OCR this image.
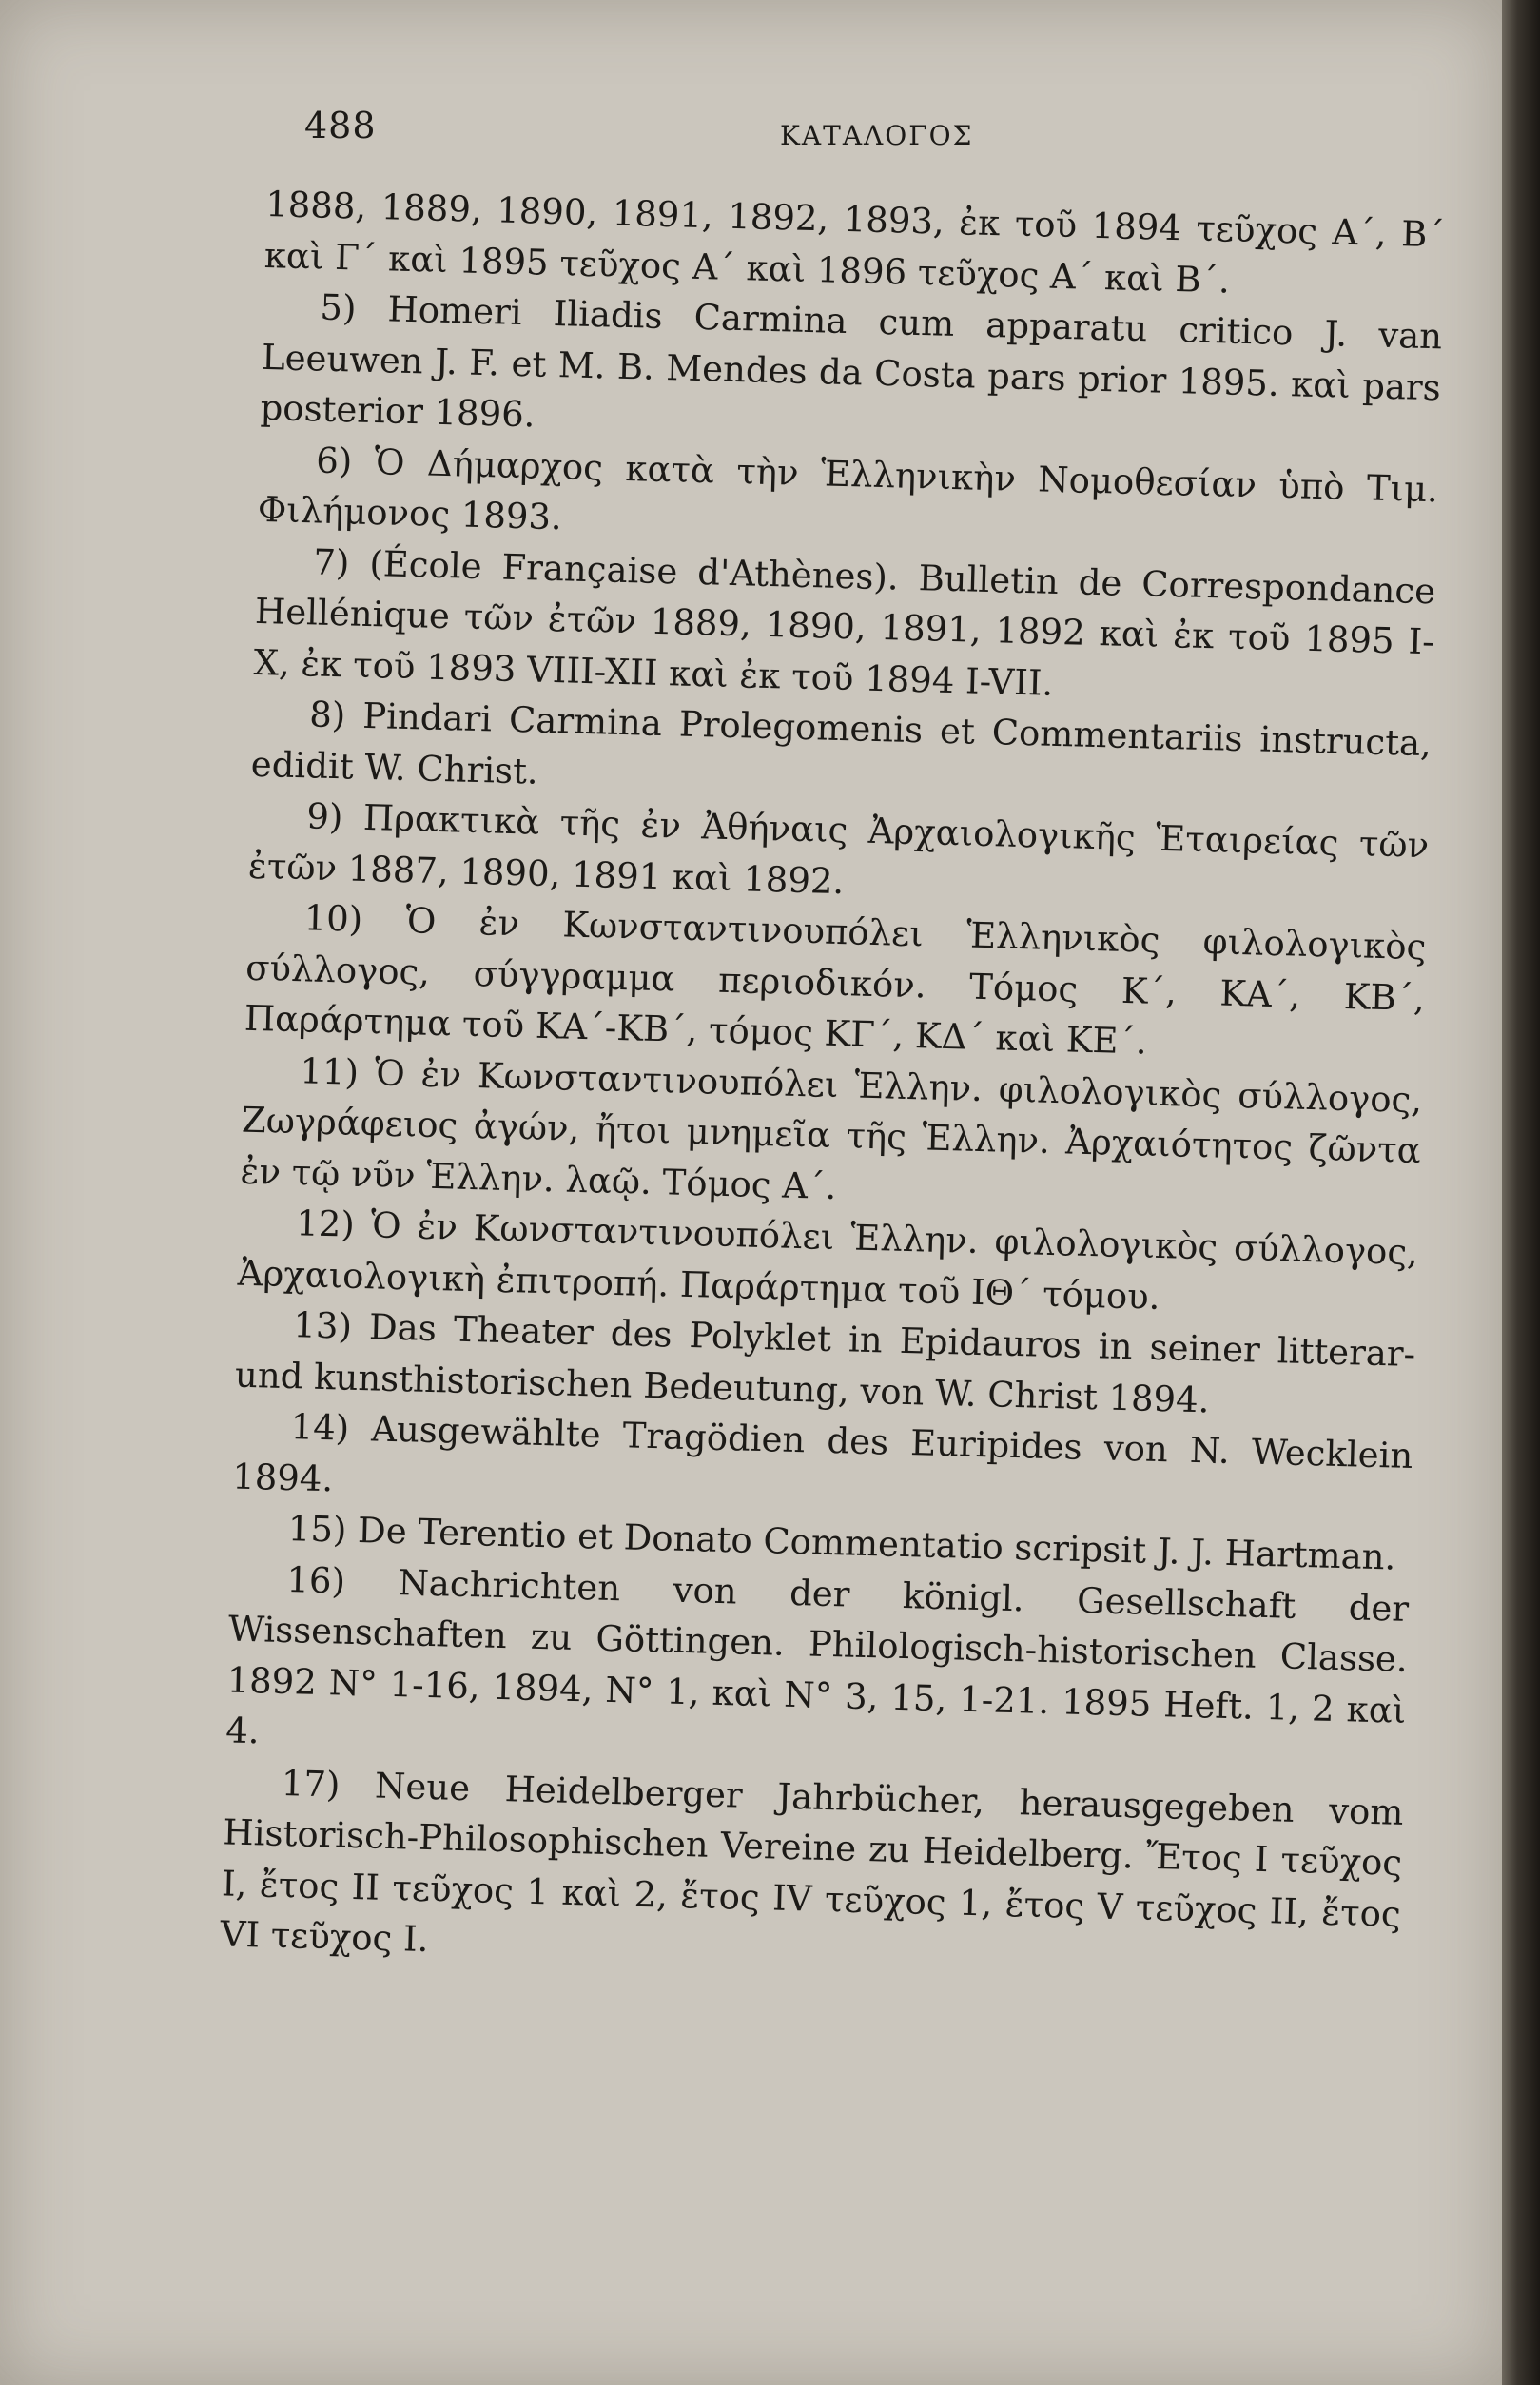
488	ΚΑΤΑΛΟΓΟΣ

1888, 1889, 1890, 1891, 1892, 1893, ἐκ τοῦ 1894 τεῦχος Α΄, Β΄ καὶ Γ΄ καὶ 1895 τεῦχος Α΄ καὶ 1896 τεῦχος Α΄ καὶ Β΄.

5) Homeri Iliadis Carmina cum apparatu critico J. van Leeuwen J. F. et M. B. Mendes da Costa pars prior 1895. καὶ pars posterior 1896.

6) Ὁ Δήμαρχος κατὰ τὴν Ἑλληνικὴν Νομοθεσίαν ὑπὸ Τιμ. Φιλήμονος 1893.

7) (École Française d'Athènes). Bulletin de Correspondance Hellénique τῶν ἐτῶν 1889, 1890, 1891, 1892 καὶ ἐκ τοῦ 1895 I-X, ἐκ τοῦ 1893 VIII-XII καὶ ἐκ τοῦ 1894 I-VII.

8) Pindari Carmina Prolegomenis et Commentariis instructa, edidit W. Christ.

9) Πρακτικὰ τῆς ἐν Ἀθήναις Ἀρχαιολογικῆς Ἑταιρείας τῶν ἐτῶν 1887, 1890, 1891 καὶ 1892.

10) Ὁ ἐν Κωνσταντινουπόλει Ἑλληνικὸς φιλολογικὸς σύλλογος, σύγγραμμα περιοδικόν. Τόμος Κ΄, ΚΑ΄, ΚΒ΄, Παράρτημα τοῦ ΚΑ΄-ΚΒ΄, τόμος ΚΓ΄, ΚΔ΄ καὶ ΚΕ΄.

11) Ὁ ἐν Κωνσταντινουπόλει Ἑλλην. φιλολογικὸς σύλλογος, Ζωγράφειος ἀγών, ἤτοι μνημεῖα τῆς Ἑλλην. Ἀρχαιότητος ζῶντα ἐν τῷ νῦν Ἑλλην. λαῷ. Τόμος Α΄.

12) Ὁ ἐν Κωνσταντινουπόλει Ἑλλην. φιλολογικὸς σύλλογος, Ἀρχαιολογικὴ ἐπιτροπή. Παράρτημα τοῦ ΙΘ΄ τόμου.

13) Das Theater des Polyklet in Epidauros in seiner litterar- und kunsthistorischen Bedeutung, von W. Christ 1894.

14) Ausgewählte Tragödien des Euripides von N. Wecklein 1894.

15) De Terentio et Donato Commentatio scripsit J. J. Hartman.

16) Nachrichten von der königl. Gesellschaft der Wissenschaften zu Göttingen. Philologisch-historischen Classe. 1892 N° 1-16, 1894, N° 1, καὶ N° 3, 15, 1-21. 1895 Heft. 1, 2 καὶ 4.

17) Neue Heidelberger Jahrbücher, herausgegeben vom Historisch-Philosophischen Vereine zu Heidelberg. Ἔτος I τεῦχος I, ἔτος II τεῦχος 1 καὶ 2, ἔτος IV τεῦχος 1, ἔτος V τεῦχος II, ἔτος VI τεῦχος I.
